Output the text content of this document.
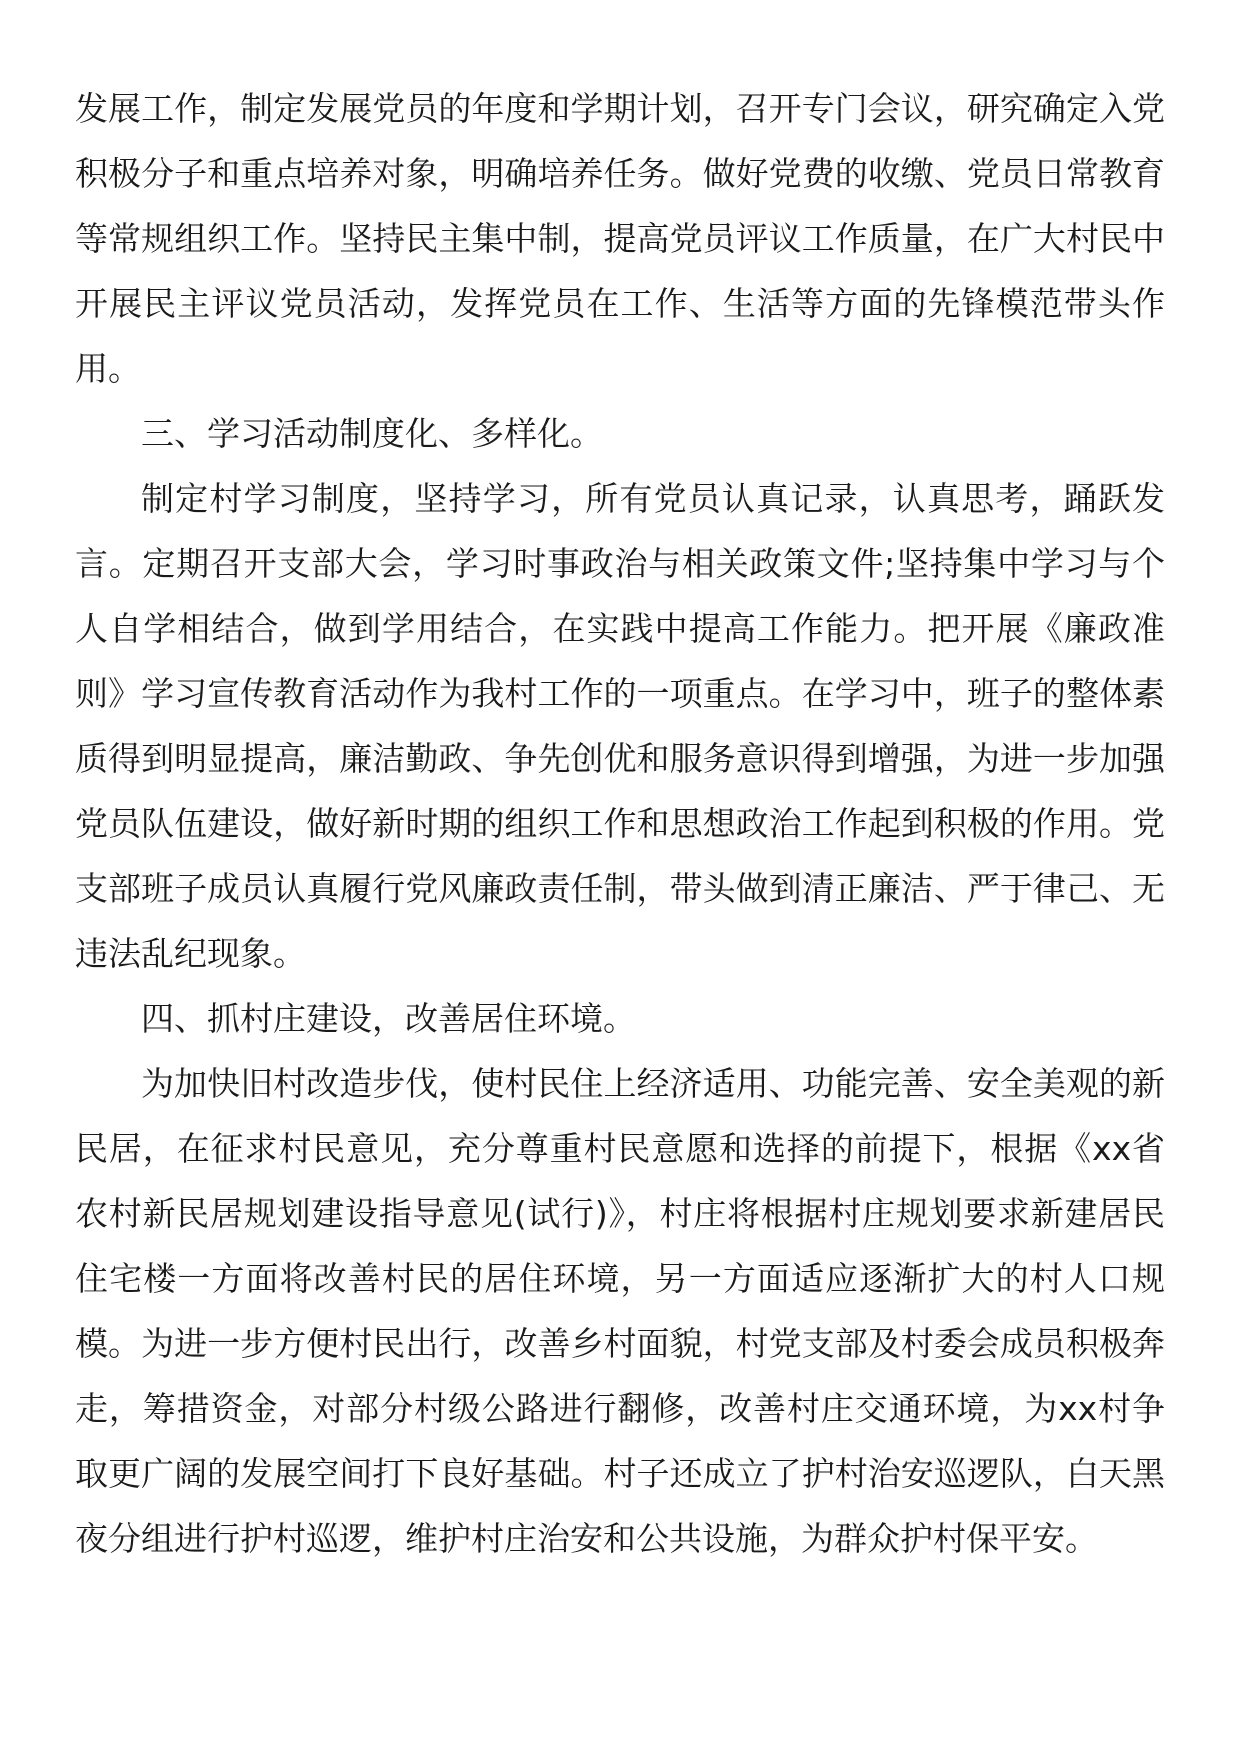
发展工作，制定发展党员的年度和学期计划，召开专门会议，研究确定入党积极分子和重点培养对象，明确培养任务。做好党费的收缴、党员日常教育等常规组织工作。坚持民主集中制，提高党员评议工作质量，在广大村民中开展民主评议党员活动，发挥党员在工作、生活等方面的先锋模范带头作用。

三、学习活动制度化、多样化。

制定村学习制度，坚持学习，所有党员认真记录，认真思考，踊跃发言。定期召开支部大会，学习时事政治与相关政策文件;坚持集中学习与个人自学相结合，做到学用结合，在实践中提高工作能力。把开展《廉政准则》学习宣传教育活动作为我村工作的一项重点。在学习中，班子的整体素质得到明显提高，廉洁勤政、争先创优和服务意识得到增强，为进一步加强党员队伍建设，做好新时期的组织工作和思想政治工作起到积极的作用。党支部班子成员认真履行党风廉政责任制，带头做到清正廉洁、严于律己、无违法乱纪现象。

四、抓村庄建设，改善居住环境。

为加快旧村改造步伐，使村民住上经济适用、功能完善、安全美观的新民居，在征求村民意见，充分尊重村民意愿和选择的前提下，根据《xx省农村新民居规划建设指导意见(试行)》，村庄将根据村庄规划要求新建居民住宅楼一方面将改善村民的居住环境，另一方面适应逐渐扩大的村人口规模。为进一步方便村民出行，改善乡村面貌，村党支部及村委会成员积极奔走，筹措资金，对部分村级公路进行翻修，改善村庄交通环境，为xx村争取更广阔的发展空间打下良好基础。村子还成立了护村治安巡逻队，白天黑夜分组进行护村巡逻，维护村庄治安和公共设施，为群众护村保平安。
